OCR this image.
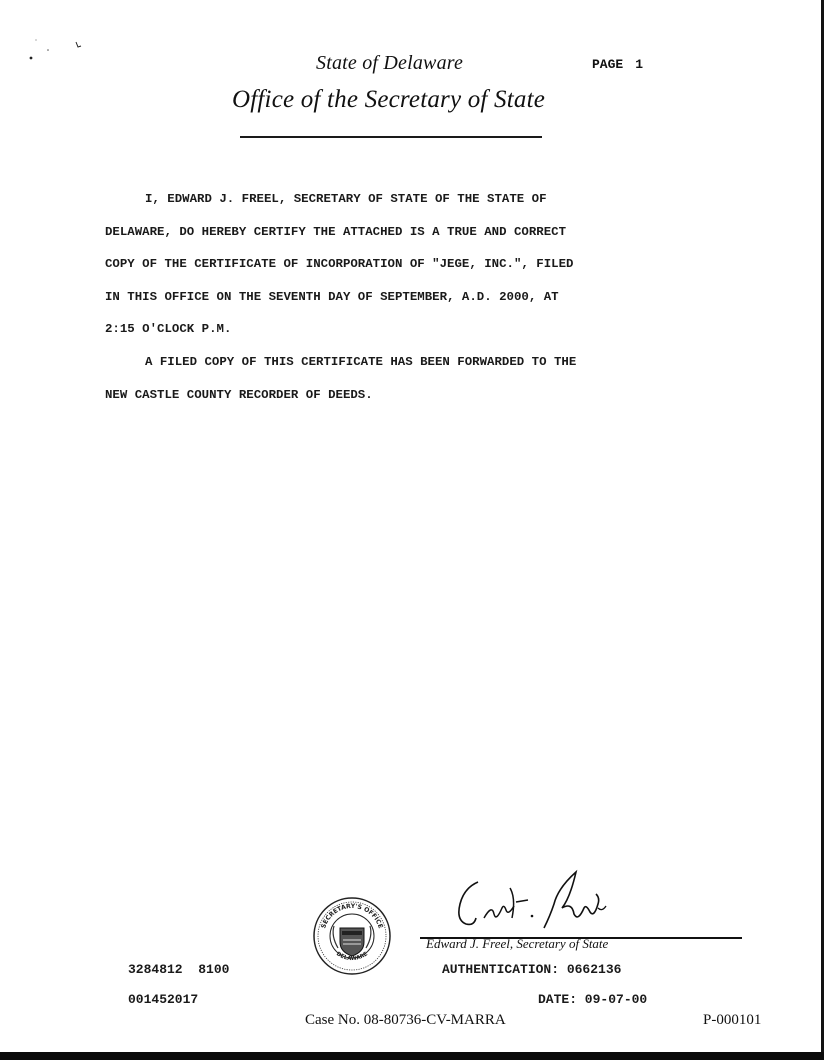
State of Delaware	PAGE 1
Office of the Secretary of State
I, EDWARD J. FREEL, SECRETARY OF STATE OF THE STATE OF
DELAWARE, DO HEREBY CERTIFY THE ATTACHED IS A TRUE AND CORRECT
COPY OF THE CERTIFICATE OF INCORPORATION OF "JEGE, INC.", FILED
IN THIS OFFICE ON THE SEVENTH DAY OF SEPTEMBER, A.D. 2000, AT
2:15 O'CLOCK P.M.
A FILED COPY OF THIS CERTIFICATE HAS BEEN FORWARDED TO THE
NEW CASTLE COUNTY RECORDER OF DEEDS.
SECRETARY'S OFFICE
DELAWARE
Edward J. Freel, Secretary of State
3284812  8100
001452017
AUTHENTICATION: 0662136
DATE: 09-07-00
Case No. 08-80736-CV-MARRA	P-000101
